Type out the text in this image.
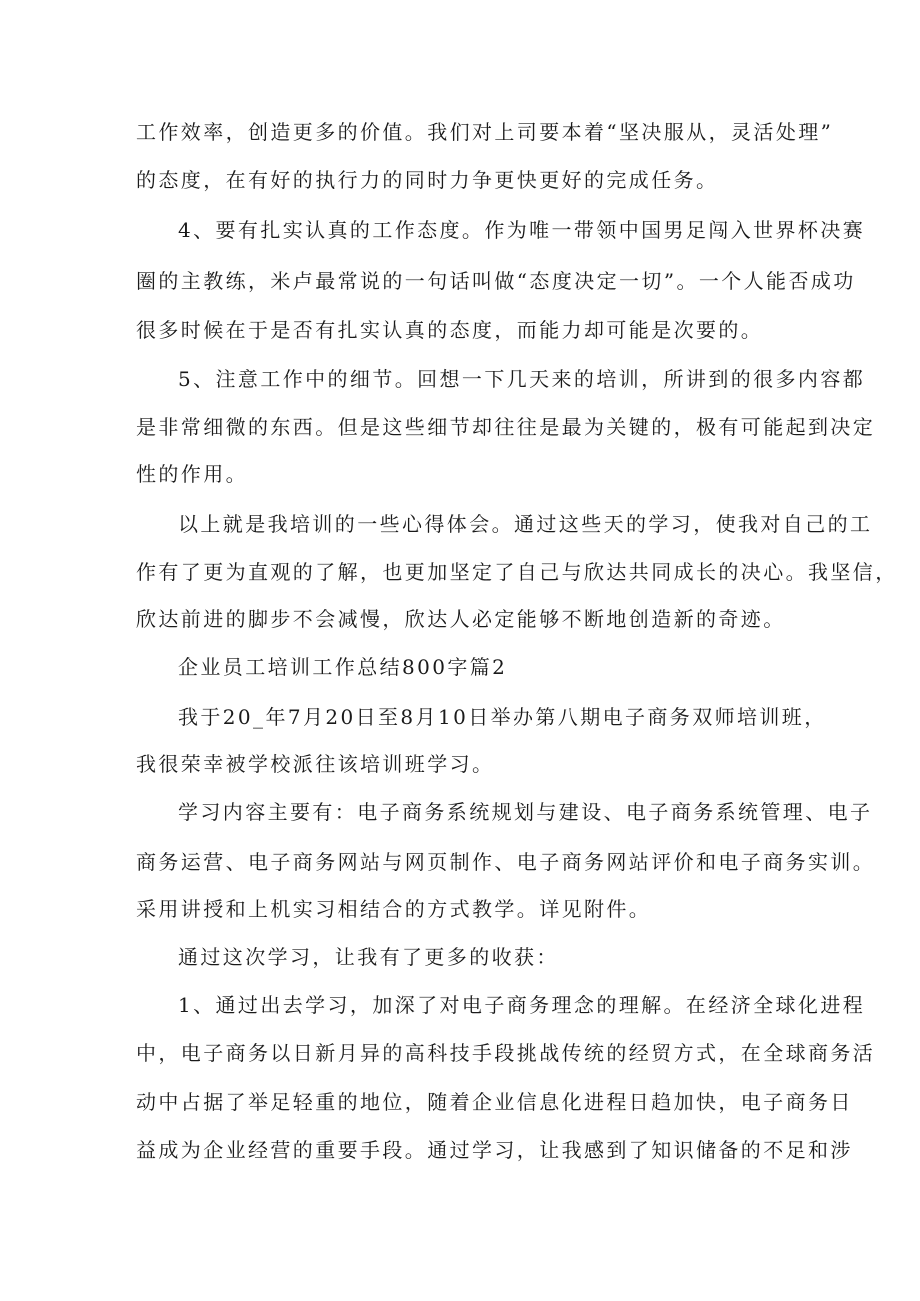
工作效率，创造更多的价值。我们对上司要本着“坚决服从，灵活处理”
的态度，在有好的执行力的同时力争更快更好的完成任务。
4、要有扎实认真的工作态度。作为唯一带领中国男足闯入世界杯决赛
圈的主教练，米卢最常说的一句话叫做“态度决定一切”。一个人能否成功
很多时候在于是否有扎实认真的态度，而能力却可能是次要的。
5、注意工作中的细节。回想一下几天来的培训，所讲到的很多内容都
是非常细微的东西。但是这些细节却往往是最为关键的，极有可能起到决定
性的作用。
以上就是我培训的一些心得体会。通过这些天的学习，使我对自己的工
作有了更为直观的了解，也更加坚定了自己与欣达共同成长的决心。我坚信，
欣达前进的脚步不会减慢，欣达人必定能够不断地创造新的奇迹。
企业员工培训工作总结800字篇2
我于20_年7月20日至8月10日举办第八期电子商务双师培训班，
我很荣幸被学校派往该培训班学习。
学习内容主要有：电子商务系统规划与建设、电子商务系统管理、电子
商务运营、电子商务网站与网页制作、电子商务网站评价和电子商务实训。
采用讲授和上机实习相结合的方式教学。详见附件。
通过这次学习，让我有了更多的收获：
1、通过出去学习，加深了对电子商务理念的理解。在经济全球化进程
中，电子商务以日新月异的高科技手段挑战传统的经贸方式，在全球商务活
动中占据了举足轻重的地位，随着企业信息化进程日趋加快，电子商务日
益成为企业经营的重要手段。通过学习，让我感到了知识储备的不足和涉
